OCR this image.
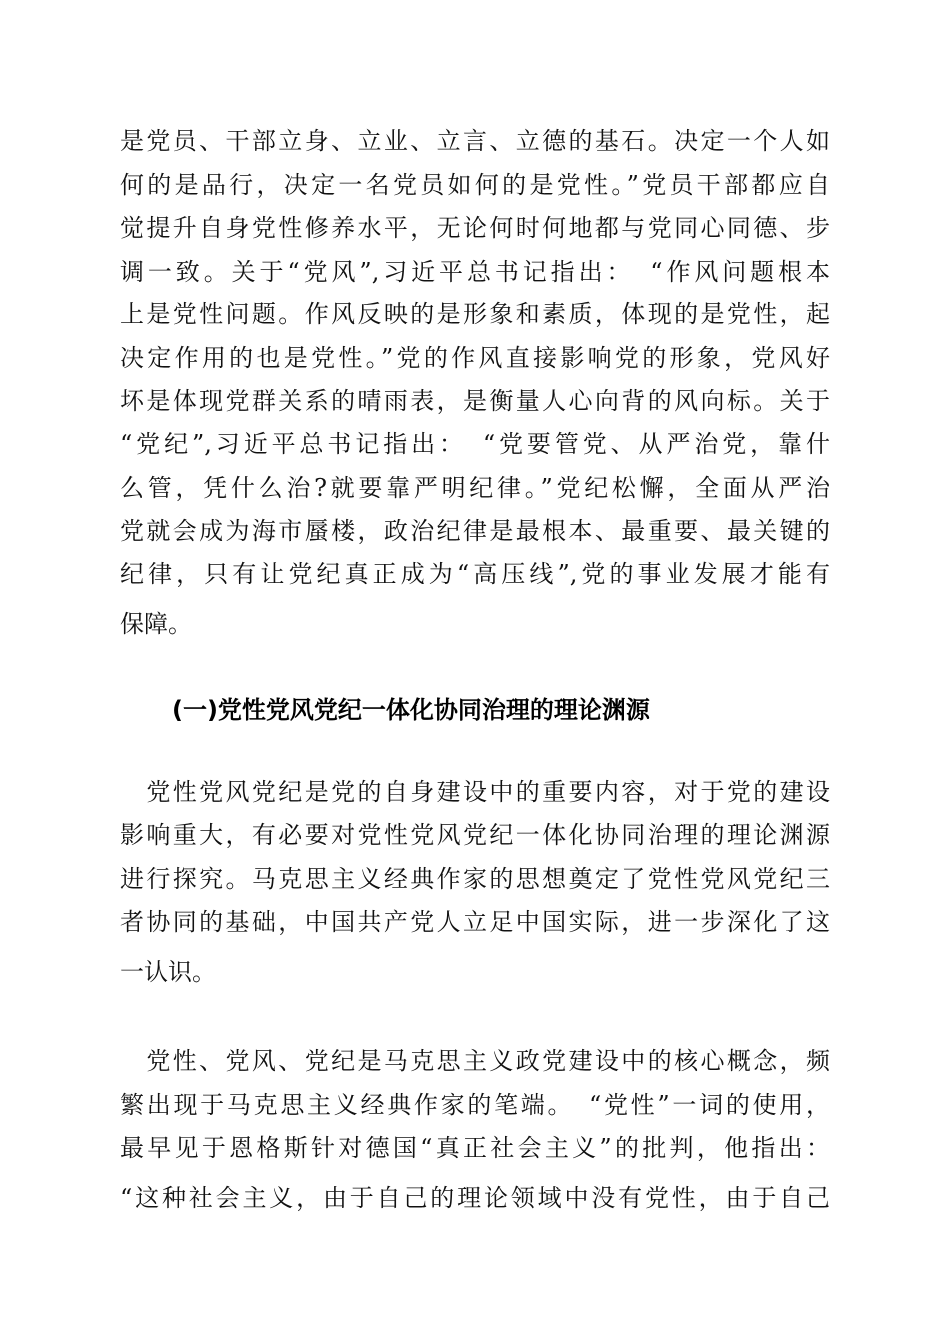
是党员、干部立身、立业、立言、立德的基石。决定一个人如
何的是品行，决定一名党员如何的是党性。”党员干部都应自
觉提升自身党性修养水平，无论何时何地都与党同心同德、步
调一致。关于“党风”,习近平总书记指出：　“作风问题根本
上是党性问题。作风反映的是形象和素质，体现的是党性，起
决定作用的也是党性。”党的作风直接影响党的形象，党风好
坏是体现党群关系的晴雨表，是衡量人心向背的风向标。关于
“党纪”,习近平总书记指出：　“党要管党、从严治党，靠什
么管，凭什么治?就要靠严明纪律。”党纪松懈，全面从严治
党就会成为海市蜃楼，政治纪律是最根本、最重要、最关键的
纪律，只有让党纪真正成为“高压线”,党的事业发展才能有
保障。
(一)党性党风党纪一体化协同治理的理论渊源
　党性党风党纪是党的自身建设中的重要内容，对于党的建设
影响重大，有必要对党性党风党纪一体化协同治理的理论渊源
进行探究。马克思主义经典作家的思想奠定了党性党风党纪三
者协同的基础，中国共产党人立足中国实际，进一步深化了这
一认识。
　党性、党风、党纪是马克思主义政党建设中的核心概念，频
繁出现于马克思主义经典作家的笔端。　“党性”一词的使用，
最早见于恩格斯针对德国“真正社会主义”的批判，他指出：
“这种社会主义，由于自己的理论领域中没有党性，由于自己
